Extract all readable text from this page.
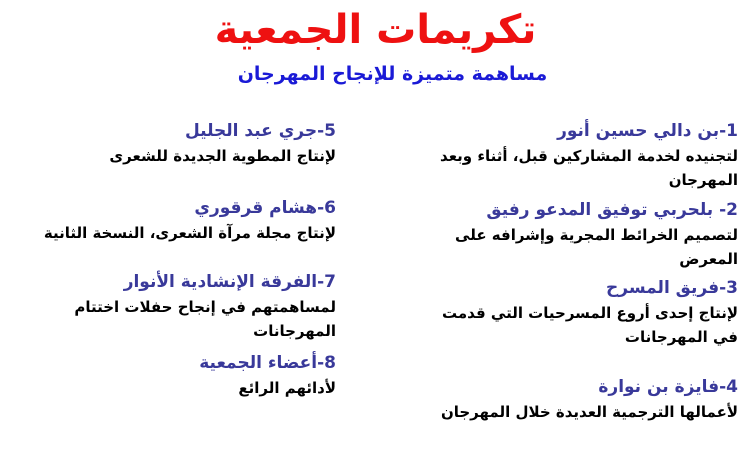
تكريمات الجمعية
مساهمة متميزة للإنجاح المهرجان
1-بن دالي حسين أنور
لتجنيده لخدمة المشاركين قبل، أثناء وبعد المهرجان
2- بلحربي توفيق المدعو رفيق
لتصميم الخرائط المجرية وإشرافه على المعرض
3-فريق المسرح
لإنتاج إحدى أروع المسرحيات التي قدمت
في المهرجانات
4-فايزة بن نوارة
لأعمالها الترجمية العديدة خلال المهرجان
5-جري عبد الجليل
لإنتاج المطوية الجديدة للشعرى
6-هشام قرقوري
لإنتاج مجلة مرآة الشعرى، النسخة الثانية
7-الفرقة الإنشادية الأنوار
لمساهمتهم في إنجاح حفلات اختتام المهرجانات
8-أعضاء الجمعية
لأدائهم الرائع
